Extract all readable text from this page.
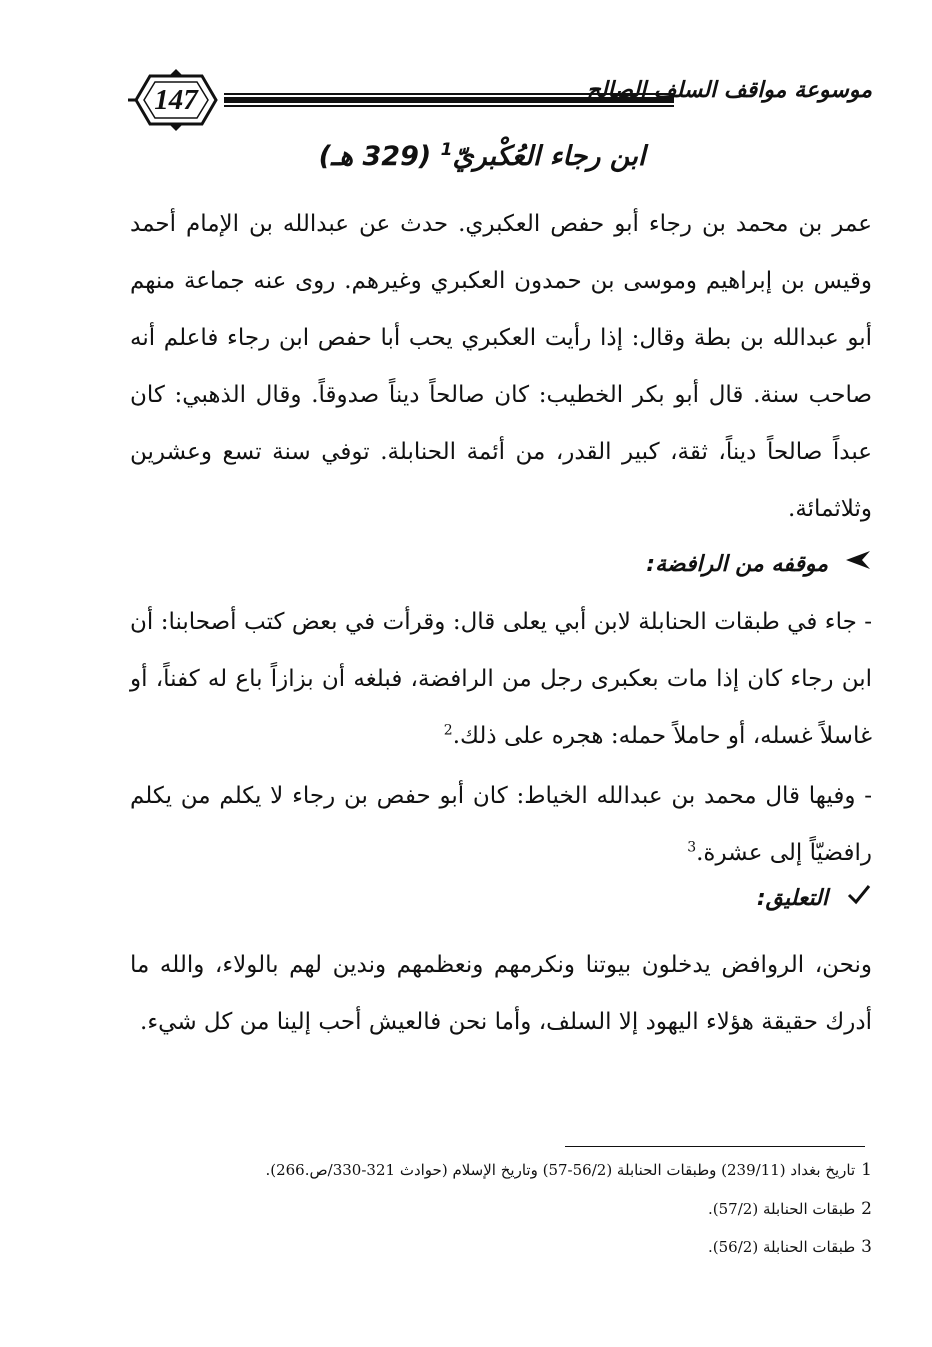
147	موسوعة مواقف السلف الصالح
ابن رجاء العُكْبريّ$^1$ (329 هـ)
عمر بن محمد بن رجاء أبو حفص العكبري. حدث عن عبدالله بن الإمام أحمد وقيس بن إبراهيم وموسى بن حمدون العكبري وغيرهم. روى عنه جماعة منهم أبو عبدالله بن بطة وقال: إذا رأيت العكبري يحب أبا حفص ابن رجاء فاعلم أنه صاحب سنة. قال أبو بكر الخطيب: كان صالحاً ديناً صدوقاً. وقال الذهبي: كان عبداً صالحاً ديناً، ثقة، كبير القدر، من أئمة الحنابلة. توفي سنة تسع وعشرين وثلاثمائة.
موقفه من الرافضة:
- جاء في طبقات الحنابلة لابن أبي يعلى قال: وقرأت في بعض كتب أصحابنا: أن ابن رجاء كان إذا مات بعكبرى رجل من الرافضة، فبلغه أن بزازاً باع له كفناً، أو غاسلاً غسله، أو حاملاً حمله: هجره على ذلك.$^2$
- وفيها قال محمد بن عبدالله الخياط: كان أبو حفص بن رجاء لا يكلم من يكلم رافضيّاً إلى عشرة.$^3$
التعليق:
ونحن، الروافض يدخلون بيوتنا ونكرمهم ونعظمهم وندين لهم بالولاء، والله ما أدرك حقيقة هؤلاء اليهود إلا السلف، وأما نحن فالعيش أحب إلينا من كل شيء.
1تاريخ بغداد (239/11) وطبقات الحنابلة (56/2-57) وتاريخ الإسلام (حوادث 321-330/ص.266).
2طبقات الحنابلة (57/2).
3طبقات الحنابلة (56/2).
